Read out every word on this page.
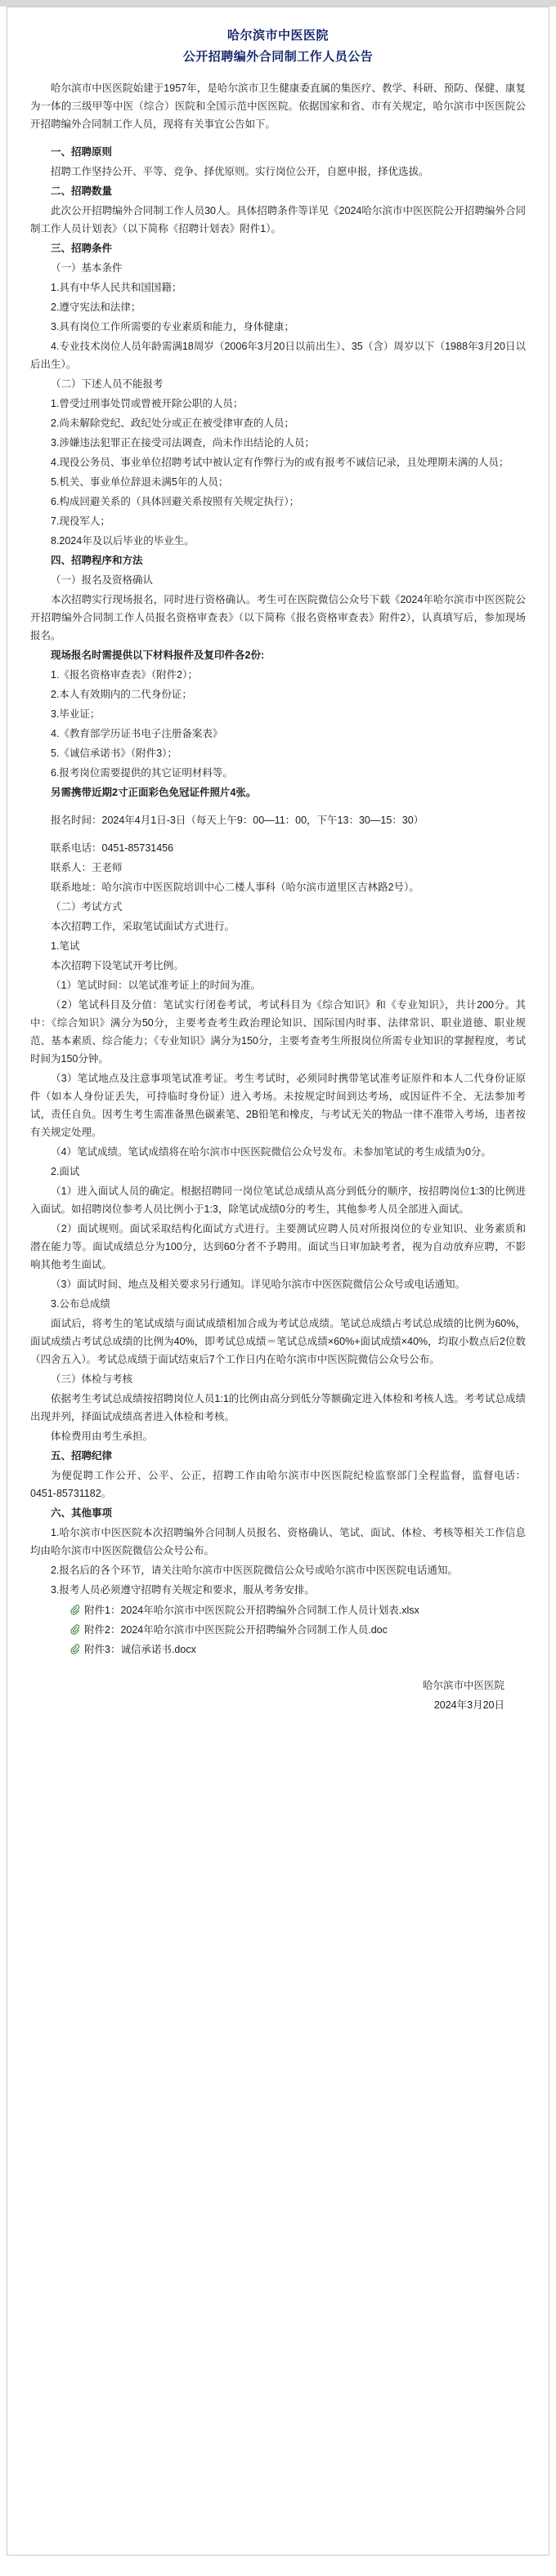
哈尔滨市中医医院
公开招聘编外合同制工作人员公告

哈尔滨市中医医院始建于1957年，是哈尔滨市卫生健康委直属的集医疗、教学、科研、预防、保健、康复为一体的三级甲等中医（综合）医院和全国示范中医医院。依据国家和省、市有关规定，哈尔滨市中医医院公开招聘编外合同制工作人员，现将有关事宜公告如下。

一、招聘原则

招聘工作坚持公开、平等、竞争、择优原则。实行岗位公开，自愿申报，择优选拔。

二、招聘数量

此次公开招聘编外合同制工作人员30人。具体招聘条件等详见《2024哈尔滨市中医医院公开招聘编外合同制工作人员计划表》（以下简称《招聘计划表》附件1）。

三、招聘条件

（一）基本条件

1.具有中华人民共和国国籍；

2.遵守宪法和法律；

3.具有岗位工作所需要的专业素质和能力，身体健康；

4.专业技术岗位人员年龄需满18周岁（2006年3月20日以前出生）、35（含）周岁以下（1988年3月20日以后出生）。

（二）下述人员不能报考

1.曾受过刑事处罚或曾被开除公职的人员；

2.尚未解除党纪、政纪处分或正在被受律审查的人员；

3.涉嫌违法犯罪正在接受司法调查，尚未作出结论的人员；

4.现役公务员、事业单位招聘考试中被认定有作弊行为的或有报考不诚信记录，且处理期未满的人员；

5.机关、事业单位辞退未满5年的人员；

6.构成回避关系的（具体回避关系按照有关规定执行）；

7.现役军人；

8.2024年及以后毕业的毕业生。

四、招聘程序和方法

（一）报名及资格确认

本次招聘实行现场报名，同时进行资格确认。考生可在医院微信公众号下载《2024年哈尔滨市中医医院公开招聘编外合同制工作人员报名资格审查表》（以下简称《报名资格审查表》附件2），认真填写后，参加现场报名。

现场报名时需提供以下材料报件及复印件各2份:

1.《报名资格审查表》（附件2）；

2.本人有效期内的二代身份证；

3.毕业证；

4.《教育部学历证书电子注册备案表》

5.《诚信承诺书》（附件3）；

6.报考岗位需要提供的其它证明材料等。

另需携带近期2寸正面彩色免冠证件照片4张。

报名时间：2024年4月1日-3日（每天上午9：00—11：00，下午13：30—15：30）

联系电话：0451-85731456

联系人：王老师

联系地址：哈尔滨市中医医院培训中心二楼人事科（哈尔滨市道里区吉林路2号）。

（二）考试方式

本次招聘工作，采取笔试面试方式进行。

1.笔试

本次招聘下设笔试开考比例。

（1）笔试时间：以笔试准考证上的时间为准。

（2）笔试科目及分值：笔试实行闭卷考试，考试科目为《综合知识》和《专业知识》，共计200分。其中：《综合知识》满分为50分，主要考查考生政治理论知识、国际国内时事、法律常识、职业道德、职业规范、基本素质、综合能力；《专业知识》满分为150分，主要考查考生所报岗位所需专业知识的掌握程度，考试时间为150分钟。

（3）笔试地点及注意事项笔试准考证。考生考试时，必须同时携带笔试准考证原件和本人二代身份证原件（如本人身份证丢失，可持临时身份证）进入考场。未按规定时间到达考场，或因证件不全、无法参加考试，责任自负。因考生考生需准备黑色碳素笔、2B铅笔和橡皮，与考试无关的物品一律不准带入考场，违者按有关规定处理。

（4）笔试成绩。笔试成绩将在哈尔滨市中医医院微信公众号发布。未参加笔试的考生成绩为0分。

2.面试

（1）进入面试人员的确定。根据招聘同一岗位笔试总成绩从高分到低分的顺序，按招聘岗位1:3的比例进入面试。如招聘岗位参考人员比例小于1:3，除笔试成绩0分的考生，其他参考人员全部进入面试。

（2）面试规则。面试采取结构化面试方式进行。主要测试应聘人员对所报岗位的专业知识、业务素质和潜在能力等。面试成绩总分为100分，达到60分者不予聘用。面试当日审加缺考者，视为自动放弃应聘，不影响其他考生面试。

（3）面试时间、地点及相关要求另行通知。详见哈尔滨市中医医院微信公众号或电话通知。

3.公布总成绩

面试后，将考生的笔试成绩与面试成绩相加合成为考试总成绩。笔试总成绩占考试总成绩的比例为60%，面试成绩占考试总成绩的比例为40%，即考试总成绩＝笔试总成绩×60%+面试成绩×40%，均取小数点后2位数（四舍五入）。考试总成绩于面试结束后7个工作日内在哈尔滨市中医医院微信公众号公布。

（三）体检与考核

依据考生考试总成绩按招聘岗位人员1:1的比例由高分到低分等额确定进入体检和考核人选。考考试总成绩出现并列，择面试成绩高者进入体检和考核。

体检费用由考生承担。

五、招聘纪律

为便促聘工作公开、公平、公正，招聘工作由哈尔滨市中医医院纪检监察部门全程监督，监督电话：0451-85731182。

六、其他事项

1.哈尔滨市中医医院本次招聘编外合同制人员报名、资格确认、笔试、面试、体检、考核等相关工作信息均由哈尔滨市中医医院微信公众号公布。

2.报名后的各个环节，请关注哈尔滨市中医医院微信公众号或哈尔滨市中医医院电话通知。

3.报考人员必须遵守招聘有关规定和要求，服从考务安排。

附件1：2024年哈尔滨市中医医院公开招聘编外合同制工作人员计划表.xlsx

附件2：2024年哈尔滨市中医医院公开招聘编外合同制工作人员.doc

附件3：诚信承诺书.docx

哈尔滨市中医医院

2024年3月20日
